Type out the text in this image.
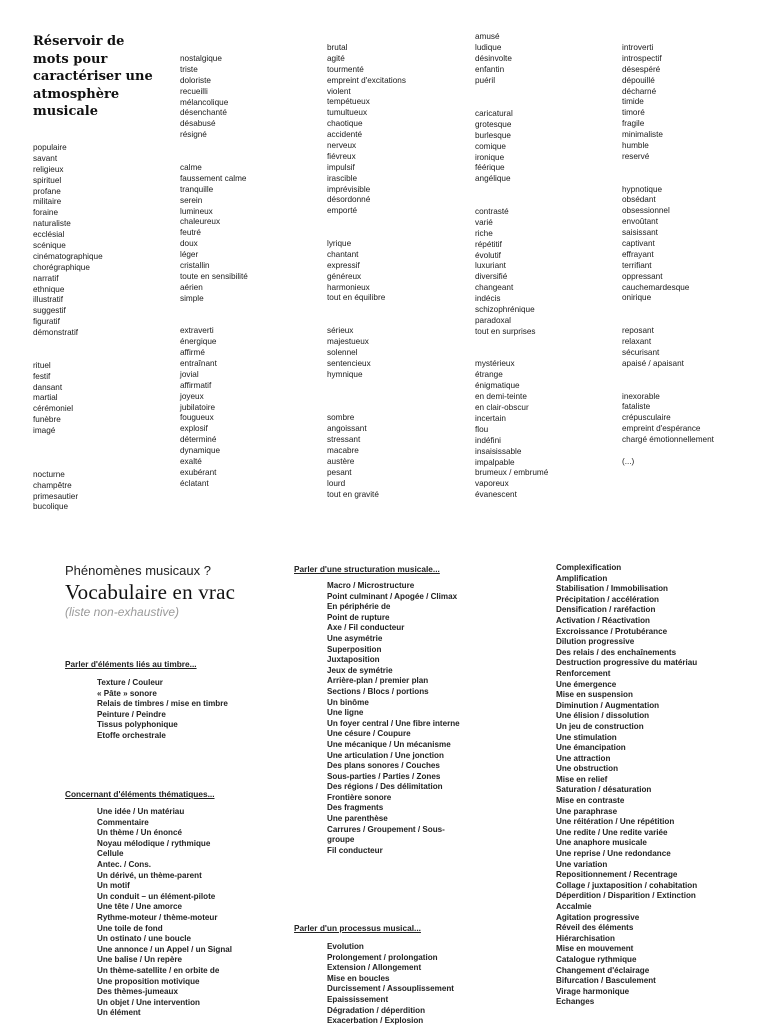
Réservoir de
mots pour
caractériser une
atmosphère
musicale
populaire
savant
religieux
spirituel
profane
militaire
foraine
naturaliste
ecclésial
scénique
cinématographique
chorégraphique
narratif
ethnique
illustratif
suggestif
figuratif
démonstratif
rituel
festif
dansant
martial
cérémoniel
funèbre
imagé
nocturne
champêtre
primesautier
bucolique
nostalgique
triste
doloriste
recueilli
mélancolique
désenchanté
désabusé
résigné
calme
faussement calme
tranquille
serein
lumineux
chaleureux
feutré
doux
léger
cristallin
toute en sensibilité
aérien
simple
extraverti
énergique
affirmé
entraînant
jovial
affirmatif
joyeux
jubilatoire
fougueux
explosif
déterminé
dynamique
exalté
exubérant
éclatant
brutal
agité
tourmenté
empreint d'excitations
violent
tempétueux
tumultueux
chaotique
accidenté
nerveux
fiévreux
impulsif
irascible
imprévisible
désordonné
emporté
lyrique
chantant
expressif
généreux
harmonieux
tout en équilibre
sérieux
majestueux
solennel
sentencieux
hymnique
sombre
angoissant
stressant
macabre
austère
pesant
lourd
tout en gravité
amusé
ludique
désinvolte
enfantin
puéril
caricatural
grotesque
burlesque
comique
ironique
féérique
angélique
contrasté
varié
riche
répétitif
évolutif
luxuriant
diversifié
changeant
indécis
schizophrénique
paradoxal
tout en surprises
mystérieux
étrange
énigmatique
en demi-teinte
en clair-obscur
incertain
flou
indéfini
insaisissable
impalpable
brumeux / embrumé
vaporeux
évanescent
introverti
introspectif
désespéré
dépouillé
décharné
timide
timoré
fragile
minimaliste
humble
reservé
hypnotique
obsédant
obsessionnel
envoûtant
saisissant
captivant
effrayant
terrifiant
oppressant
cauchemardesque
onirique
reposant
relaxant
sécurisant
apaisé / apaisant
inexorable
fataliste
crépusculaire
empreint d'espérance
chargé émotionnellement
(...)
Phénomènes musicaux ?
Vocabulaire en vrac
(liste non-exhaustive)
Parler d'éléments liés au timbre...
Texture / Couleur
« Pâte » sonore
Relais de timbres / mise en timbre
Peinture / Peindre
Tissus polyphonique
Etoffe orchestrale
Concernant d'éléments thématiques...
Une idée / Un matériau
Commentaire
Un thème / Un énoncé
Noyau mélodique / rythmique
Cellule
Antec. / Cons.
Un dérivé, un thème-parent
Un motif
Un conduit – un élément-pilote
Une tête / Une amorce
Rythme-moteur / thème-moteur
Une toile de fond
Un ostinato / une boucle
Une annonce / un Appel / un Signal
Une balise / Un repère
Un thème-satellite / en orbite de
Une proposition motivique
Des thèmes-jumeaux
Un objet / Une intervention
Un élément
Parler d'une structuration musicale...
Macro / Microstructure
Point culminant / Apogée / Climax
En périphérie de
Point de rupture
Axe / Fil conducteur
Une asymétrie
Superposition
Juxtaposition
Jeux de symétrie
Arrière-plan / premier plan
Sections / Blocs / portions
Un binôme
Une ligne
Un foyer central / Une fibre interne
Une césure / Coupure
Une mécanique / Un mécanisme
Une articulation / Une jonction
Des plans sonores / Couches
Sous-parties / Parties / Zones
Des régions / Des délimitation
Frontière sonore
Des fragments
Une parenthèse
Carrures / Groupement / Sous-
groupe
Fil conducteur
Parler d'un processus musical...
Evolution
Prolongement / prolongation
Extension / Allongement
Mise en boucles
Durcissement / Assouplissement
Epaississement
Dégradation / déperdition
Exacerbation / Explosion
Complexification
Amplification
Stabilisation / Immobilisation
Précipitation / accélération
Densification / raréfaction
Activation / Réactivation
Excroissance / Protubérance
Dilution progressive
Des relais / des enchaînements
Destruction progressive du matériau
Renforcement
Une émergence
Mise en suspension
Diminution / Augmentation
Une élision / dissolution
Un jeu de construction
Une stimulation
Une émancipation
Une attraction
Une obstruction
Mise en relief
Saturation / désaturation
Mise en contraste
Une paraphrase
Une réitération / Une répétition
Une redite / Une redite variée
Une anaphore musicale
Une reprise / Une redondance
Une variation
Repositionnement / Recentrage
Collage / juxtaposition / cohabitation
Déperdition / Disparition / Extinction
Accalmie
Agitation progressive
Réveil des éléments
Hiérarchisation
Mise en mouvement
Catalogue rythmique
Changement d'éclairage
Bifurcation / Basculement
Virage harmonique
Echanges
